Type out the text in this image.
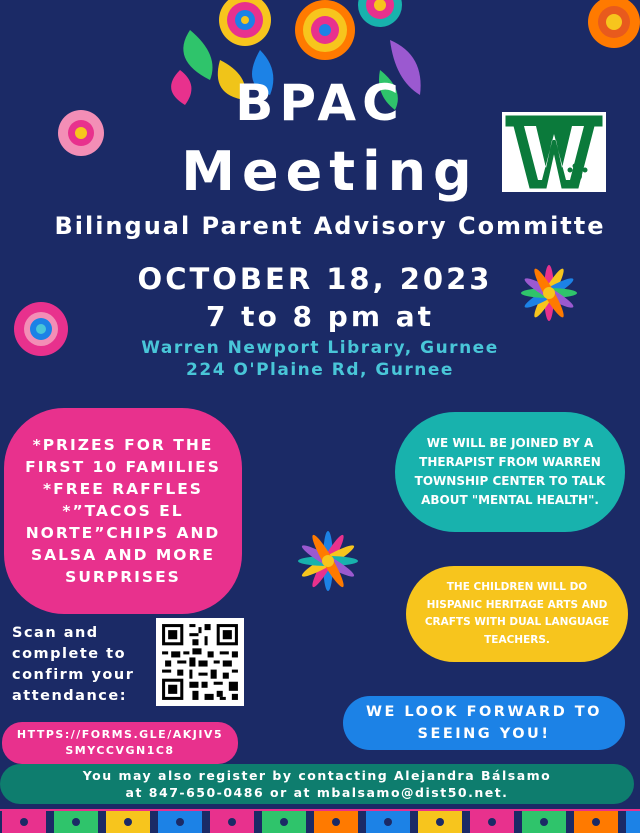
BPAC
Meeting
Bilingual Parent Advisory Committe
OCTOBER 18, 2023
7 to 8 pm at
Warren Newport Library, Gurnee
224 O'Plaine Rd, Gurnee

*PRIZES FOR THE
FIRST 10 FAMILIES
*FREE RAFFLES
*”TACOS EL
NORTE”CHIPS AND
SALSA AND MORE
SURPRISES

WE WILL BE JOINED BY A
THERAPIST FROM WARREN
TOWNSHIP CENTER TO TALK
ABOUT "MENTAL HEALTH".

THE CHILDREN WILL DO
HISPANIC HERITAGE ARTS AND
CRAFTS WITH DUAL LANGUAGE
TEACHERS.

Scan and
complete to
confirm your
attendance:

HTTPS://FORMS.GLE/AKJIV5
SMYCCVGN1C8

WE LOOK FORWARD TO
SEEING YOU!

You may also register by contacting Alejandra Bálsamo
at 847-650-0486 or at mbalsamo@dist50.net.
